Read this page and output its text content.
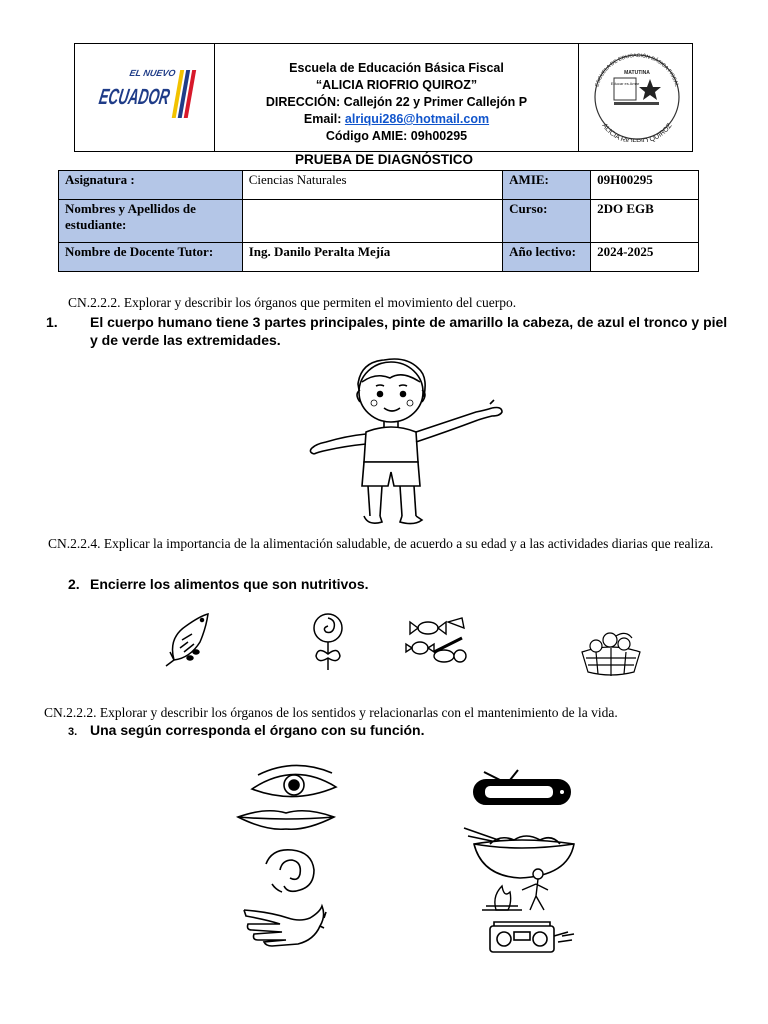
EL NUEVO
ECUADOR
Escuela de Educación Básica Fiscal
“ALICIA RIOFRIO QUIROZ”
DIRECCIÓN: Callejón 22 y Primer Callejón P
Email: alriqui286@hotmail.com
Código AMIE: 09h00295
ESCUELA DE EDUCACIÓN BÁSICA FISCAL
MATUTINA
Educar es Amar
ALICIA RIO O QUIROZ
PRUEBA DE DIAGNÓSTICO
Asignatura :	Ciencias Naturales	AMIE:	09H00295
Nombres y Apellidos de estudiante:		Curso:	2DO EGB
Nombre de Docente Tutor:	Ing. Danilo Peralta Mejía	Año lectivo:	2024-2025
CN.2.2.2. Explorar y describir los órganos que permiten el movimiento del cuerpo.
1. El cuerpo humano tiene 3 partes principales, pinte de amarillo la cabeza, de azul el tronco y piel y de verde las extremidades.
CN.2.2.4. Explicar la importancia de la alimentación saludable, de acuerdo a su edad y a las actividades diarias que realiza.
2. Encierre los alimentos que son nutritivos.
CN.2.2.2. Explorar y describir los órganos de los sentidos y relacionarlas con el mantenimiento de la vida.
3. Una según corresponda el órgano con su función.
